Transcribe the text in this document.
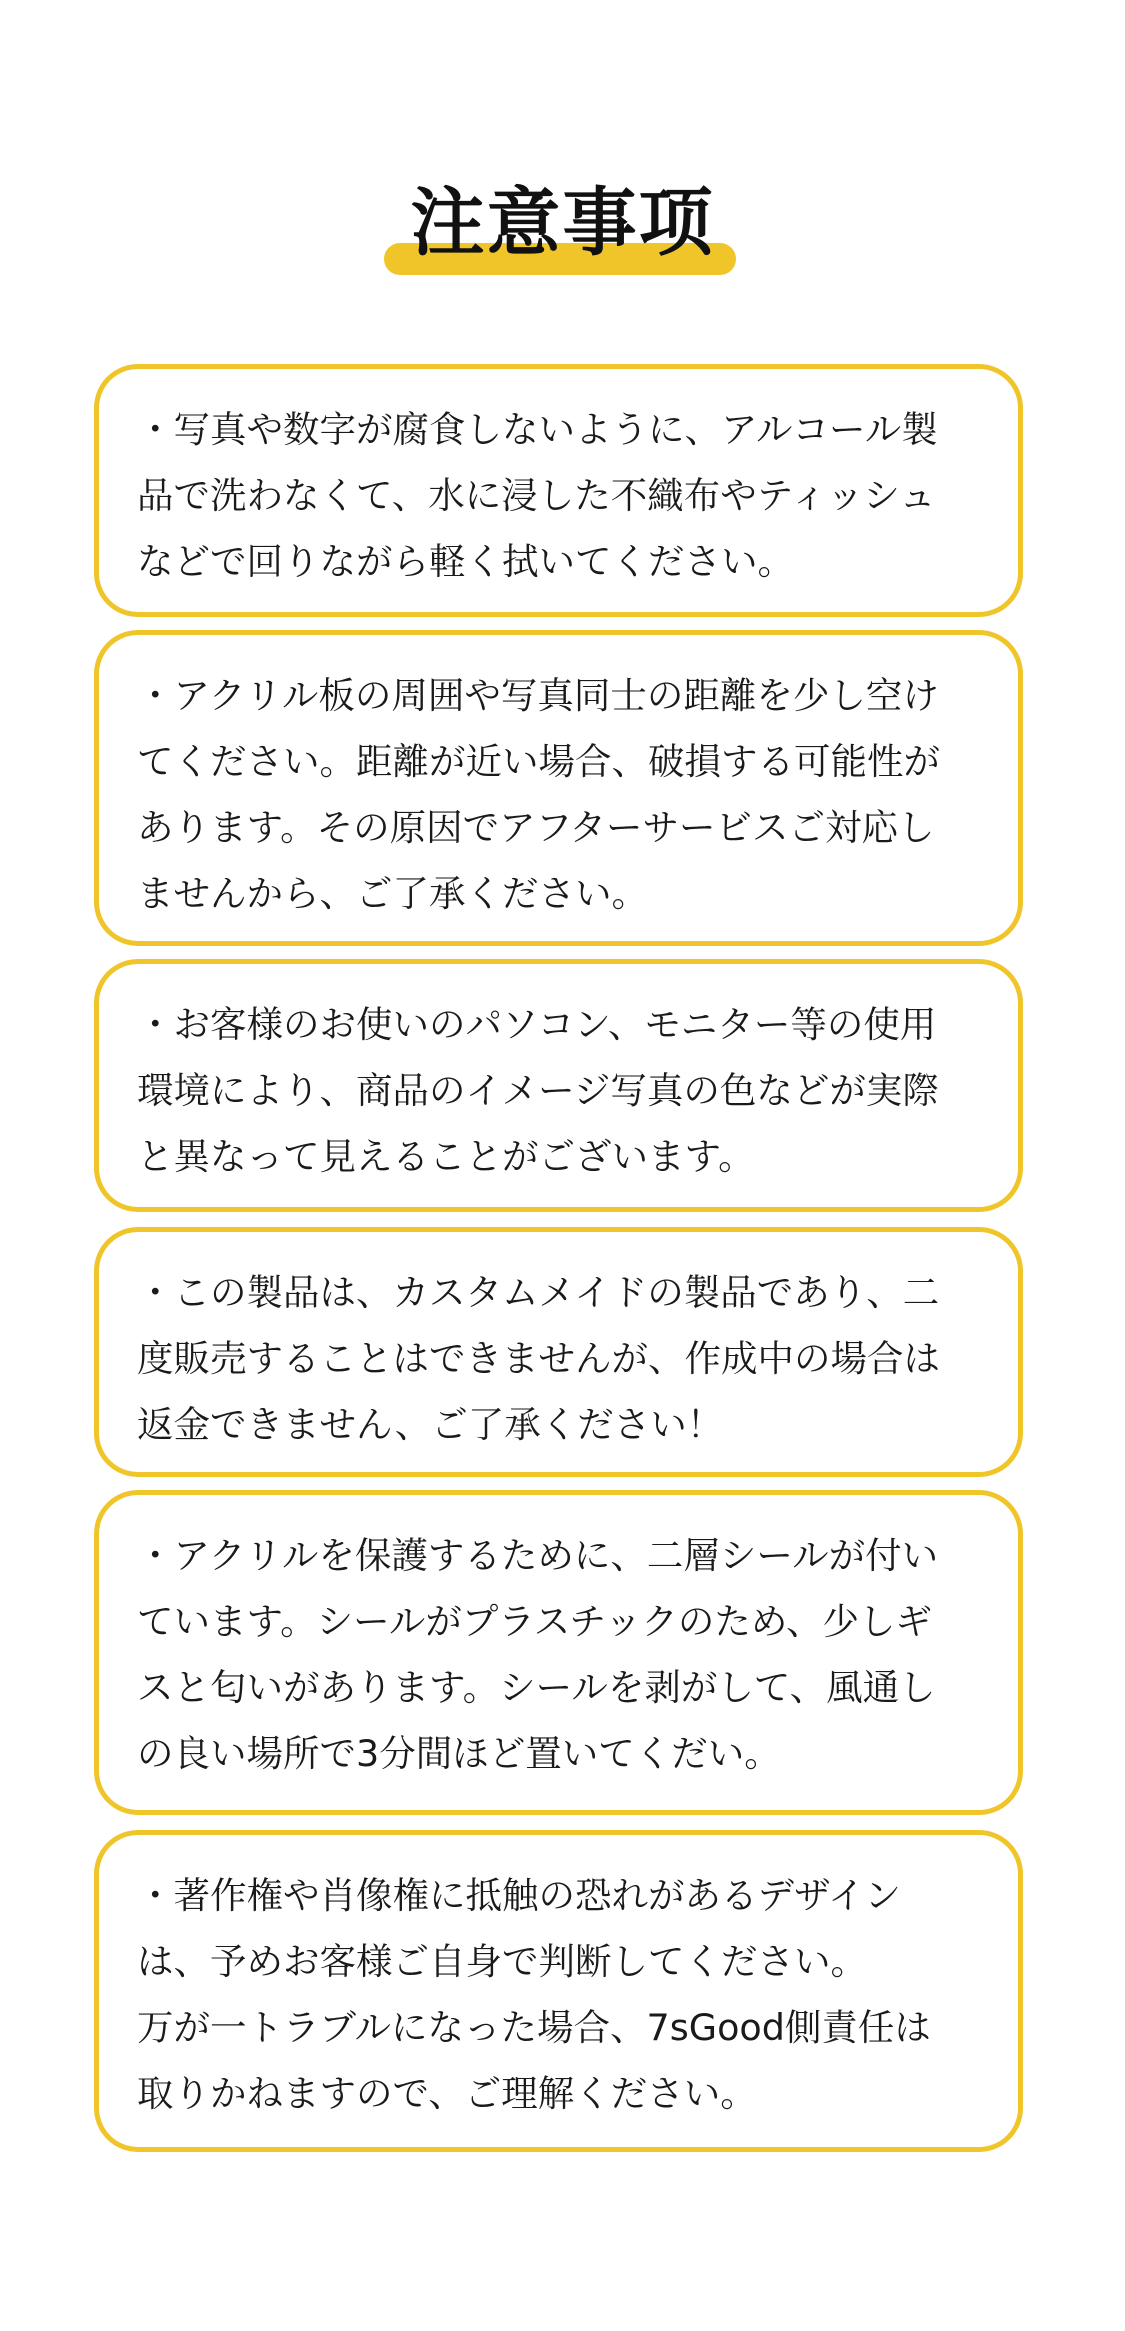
注意事项
・写真や数字が腐食しないように、アルコール製
品で洗わなくて、水に浸した不織布やティッシュ
などで回りながら軽く拭いてください。
・アクリル板の周囲や写真同士の距離を少し空け
てください。距離が近い場合、破損する可能性が
あります。その原因でアフターサービスご対応し
ませんから、ご了承ください。
・お客様のお使いのパソコン、モニター等の使用
環境により、商品のイメージ写真の色などが実際
と異なって見えることがございます。
・この製品は、カスタムメイドの製品であり、二
度販売することはできませんが、作成中の場合は
返金できません、ご了承ください！
・アクリルを保護するために、二層シールが付い
ています。シールがプラスチックのため、少しギ
スと匂いがあります。シールを剥がして、風通し
の良い場所で3分間ほど置いてくだい。
・著作権や肖像権に抵触の恐れがあるデザイン
は、予めお客様ご自身で判断してください。
万が一トラブルになった場合、7sGood側責任は
取りかねますので、ご理解ください。
